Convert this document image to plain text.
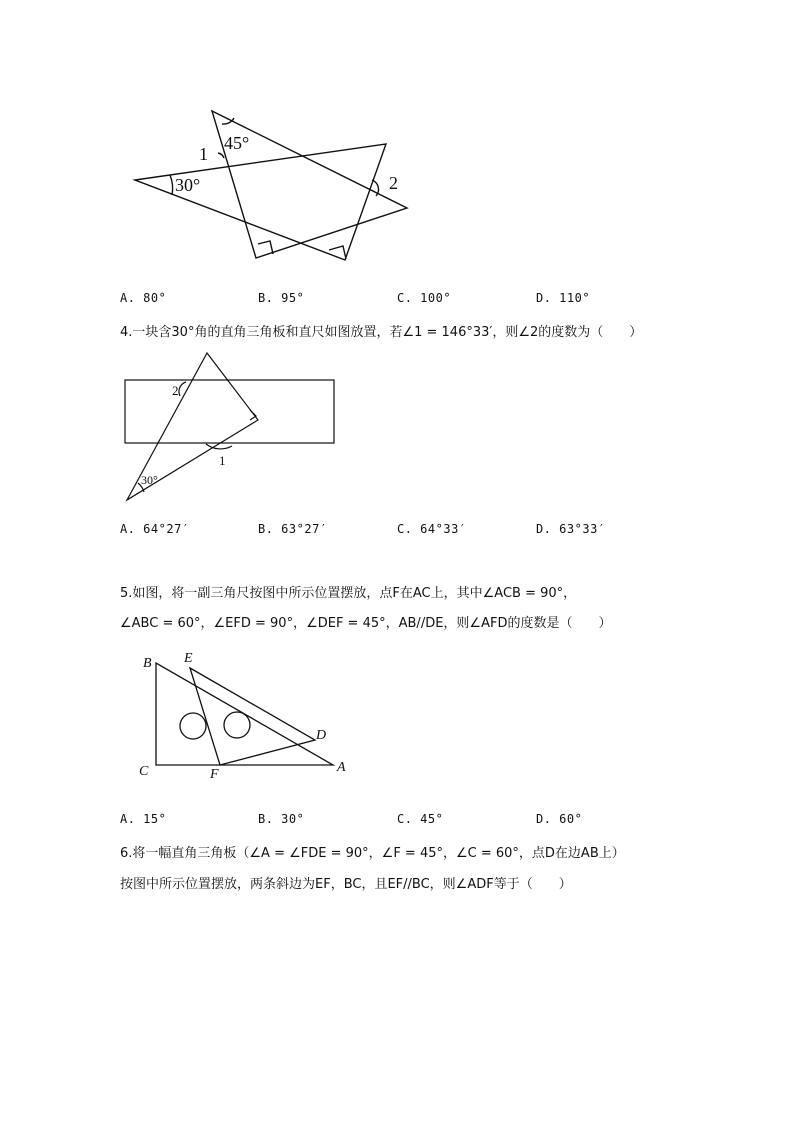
45°
30°
1
2
A. 80°	B. 95°	C. 100°	D. 110°
4.一块含30°角的直角三角板和直尺如图放置，若∠1 = 146°33′，则∠2的度数为（　　）
2
1
30°
A. 64°27′	B. 63°27′	C. 64°33′	D. 63°33′
5.如图，将一副三角尺按图中所示位置摆放，点F在AC上，其中∠ACB = 90°，
∠ABC = 60°，∠EFD = 90°，∠DEF = 45°，AB//DE，则∠AFD的度数是（　　）
B E
C	F	A
D
A. 15°	B. 30°	C. 45°	D. 60°
6.将一幅直角三角板（∠A = ∠FDE = 90°，∠F = 45°，∠C = 60°，点D在边AB上）
按图中所示位置摆放，两条斜边为EF，BC，且EF//BC，则∠ADF等于（　　）
